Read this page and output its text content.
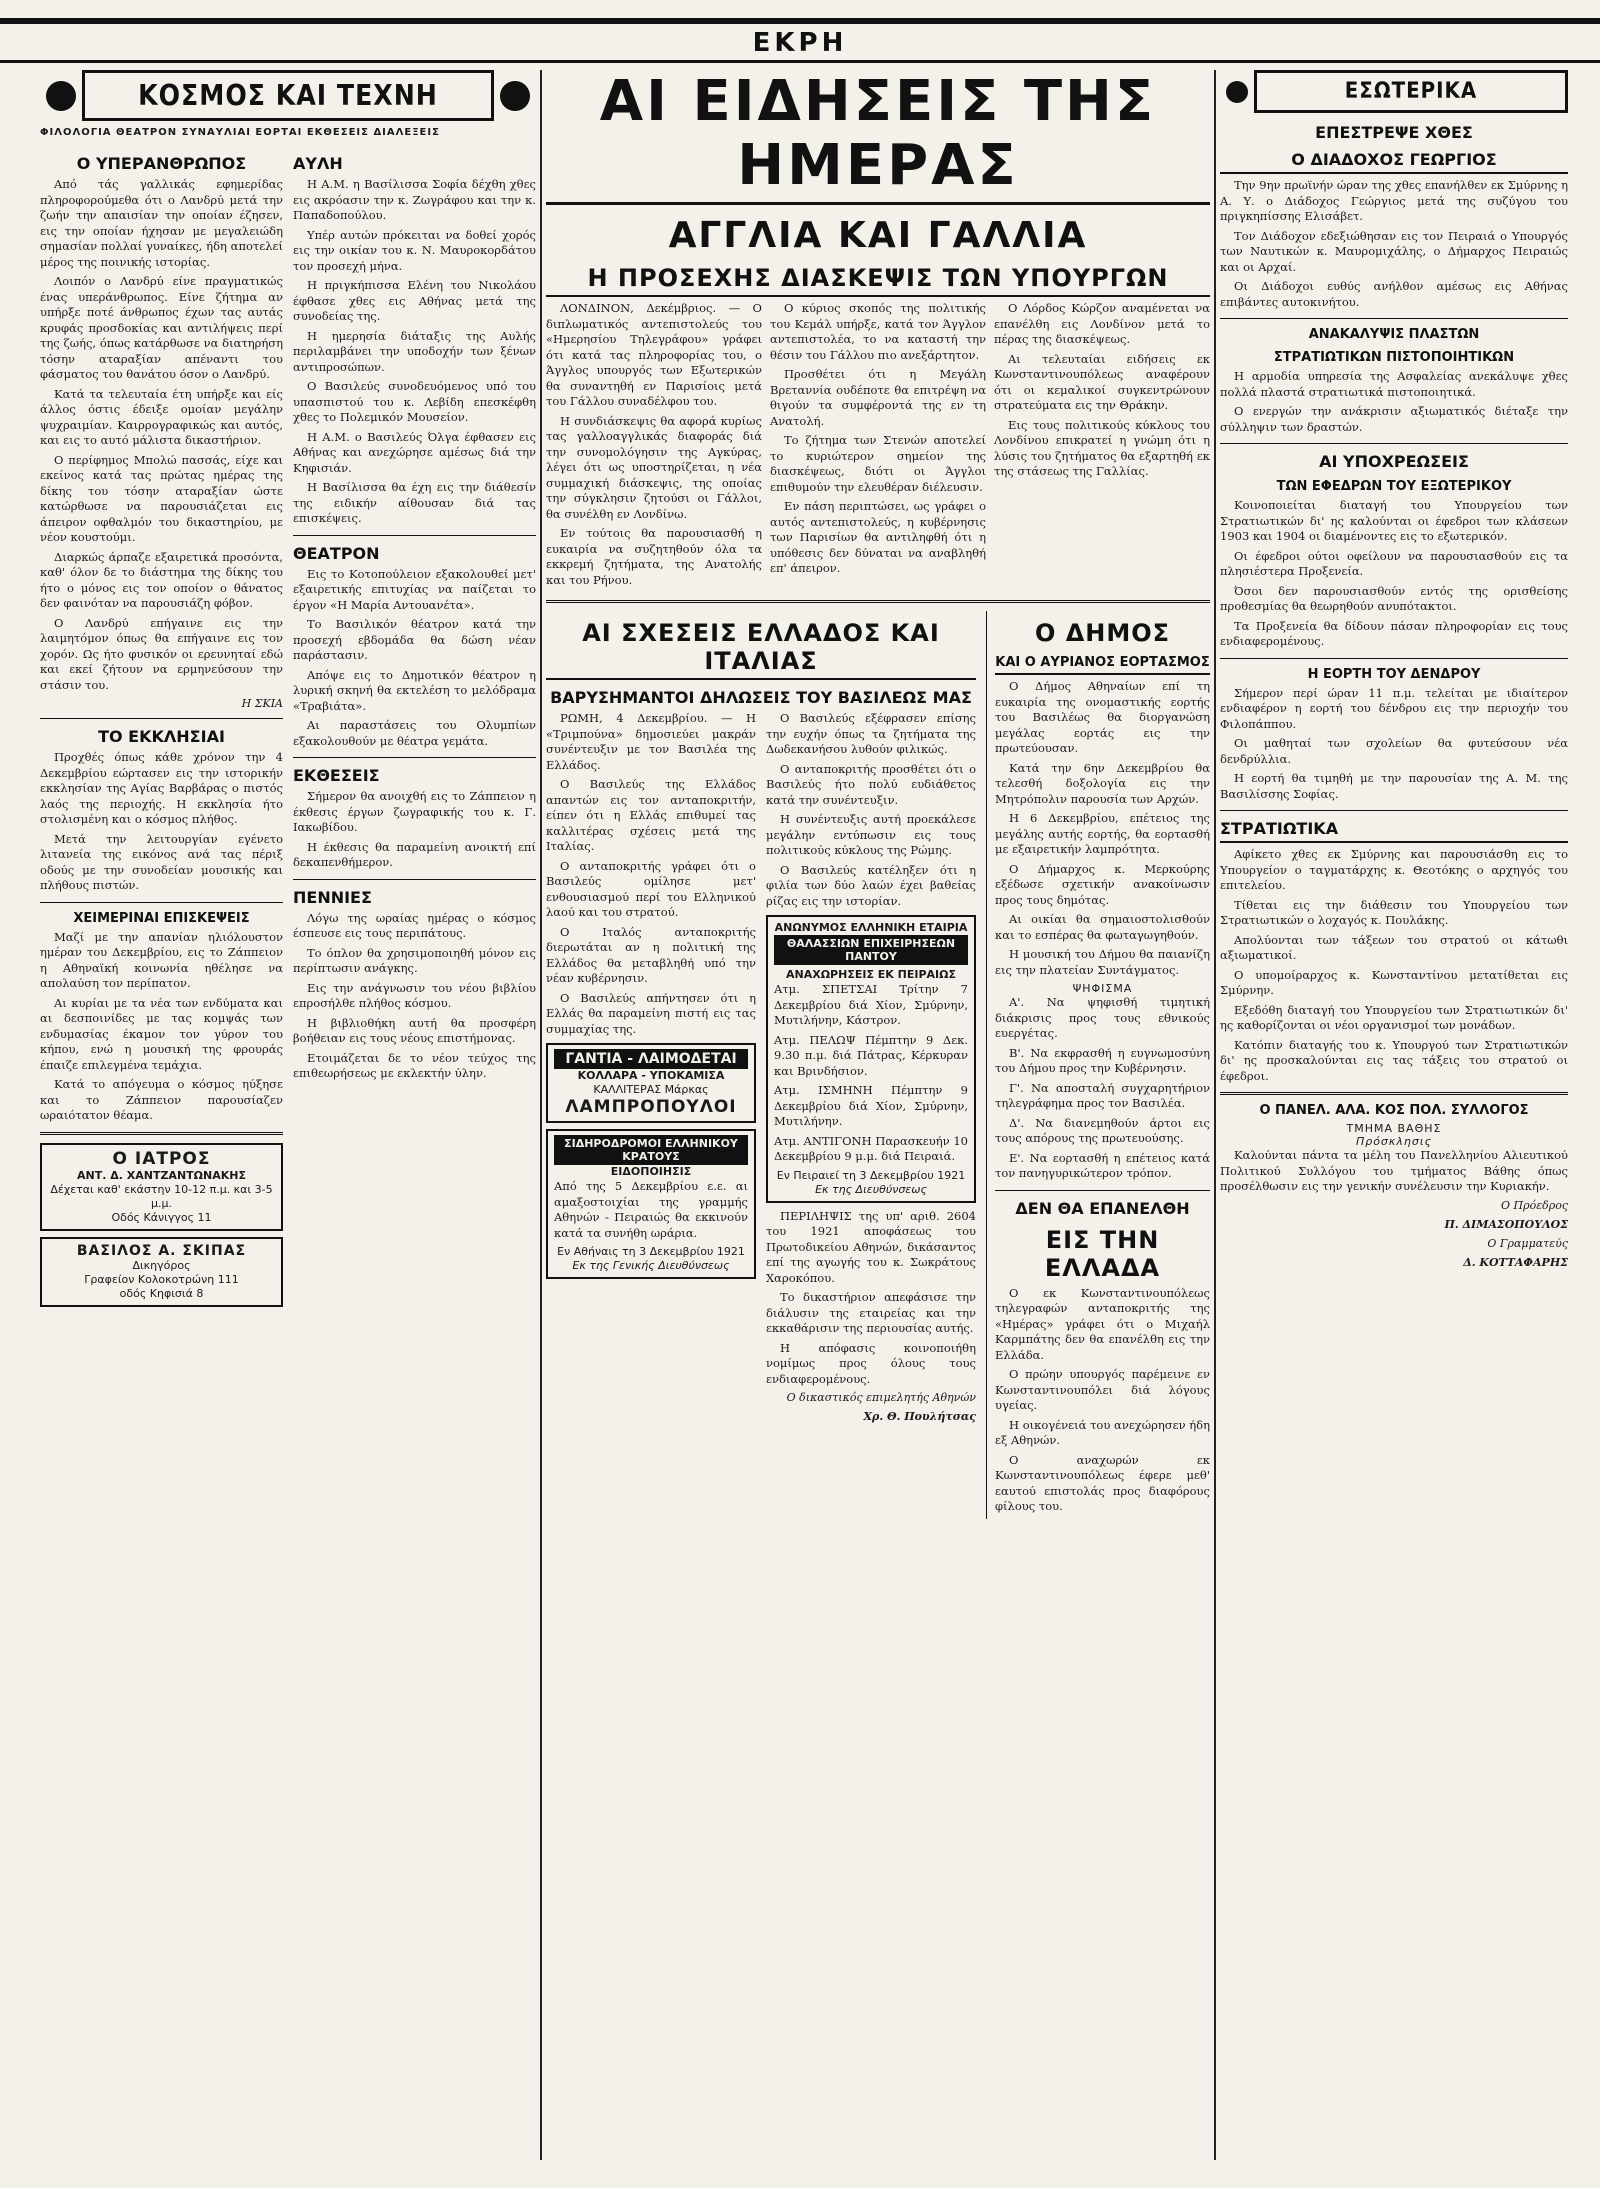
ΕΚΡΗ
ΚΟΣΜΟΣ ΚΑΙ ΤΕΧΝΗ
ΦΙΛΟΛΟΓΙΑ ΘΕΑΤΡΟΝ ΣΥΝΑΥΛΙΑΙ ΕΟΡΤΑΙ ΕΚΘΕΣΕΙΣ ΔΙΑΛΕΞΕΙΣ
Ο ΥΠΕΡΑΝΘΡΩΠΟΣ

Από τάς γαλλικάς εφημερίδας πληροφορούμεθα ότι ο Λανδρύ μετά την ζωήν την απαισίαν την οποίαν έζησεν, εις την οποίαν ήχησαν με μεγαλειώδη σημασίαν πολλαί γυναίκες, ήδη αποτελεί μέρος της ποινικής ιστορίας.

Λοιπόν ο Λανδρύ είνε πραγματικώς ένας υπεράνθρωπος. Είνε ζήτημα αν υπήρξε ποτέ άνθρωπος έχων τας αυτάς κρυφάς προσδοκίας και αντιλήψεις περί της ζωής, όπως κατάρθωσε να διατηρήση τόσην αταραξίαν απέναντι του φάσματος του θανάτου όσον ο Λανδρύ.

Κατά τα τελευταία έτη υπήρξε και είς άλλος όστις έδειξε ομοίαν μεγάλην ψυχραιμίαν. Καιρρογραφικώς και αυτός, και εις το αυτό μάλιστα δικαστήριον.

Ο περίφημος Μπολώ πασσάς, είχε και εκείνος κατά τας πρώτας ημέρας της δίκης του τόσην αταραξίαν ώστε κατώρθωσε να παρουσιάζεται εις άπειρον οφθαλμόν του δικαστηρίου, με νέον κουστούμι.

Διαρκώς άρπαζε εξαιρετικά προσόντα, καθ' όλον δε το διάστημα της δίκης του ήτο ο μόνος εις τον οποίον ο θάνατος δεν φαινόταν να παρουσιάζη φόβον.

Ο Λανδρύ επήγαινε εις την λαιμητόμον όπως θα επήγαινε εις τον χορόν. Ως ήτο φυσικόν οι ερευνηταί εδώ και εκεί ζήτουν να ερμηνεύσουν την στάσιν του.

Η ΣΚΙΑ
ΤΟ ΕΚΚΛΗΣΙΑΙ

Προχθές όπως κάθε χρόνον την 4 Δεκεμβρίου εώρτασεν εις την ιστορικήν εκκλησίαν της Αγίας Βαρβάρας ο πιστός λαός της περιοχής. Η εκκλησία ήτο στολισμένη και ο κόσμος πλήθος.

Μετά την λειτουργίαν εγένετο λιτανεία της εικόνος ανά τας πέριξ οδούς με την συνοδείαν μουσικής και πλήθους πιστών.

ΧΕΙΜΕΡΙΝΑΙ ΕΠΙΣΚΕΨΕΙΣ

Μαζί με την απανίαν ηλιόλουστον ημέραν του Δεκεμβρίου, εις το Ζάππειον η Αθηναϊκή κοινωνία ηθέλησε να απολαύση τον περίπατον.

Αι κυρίαι με τα νέα των ενδύματα και αι δεσποινίδες με τας κομψάς των ενδυμασίας έκαμον τον γύρον του κήπου, ενώ η μουσική της φρουράς έπαιζε επιλεγμένα τεμάχια.

Κατά το απόγευμα ο κόσμος ηύξησε και το Ζάππειον παρουσίαζεν ωραιότατον θέαμα.

Ο ΙΑΤΡΟΣ
ΑΝΤ. Δ. ΧΑΝΤΖΑΝΤΩΝΑΚΗΣ
Δέχεται καθ' εκάστην 10-12 π.μ. και 3-5 μ.μ.
Οδός Κάνιγγος 11
ΒΑΣΙΛΟΣ Α. ΣΚΙΠΑΣ
Δικηγόρος
Γραφείον Κολοκοτρώνη 111
οδός Κηφισιά 8
ΑΥΛΗ

Η Α.Μ. η Βασίλισσα Σοφία δέχθη χθες εις ακρόασιν την κ. Ζωγράφου και την κ. Παπαδοπούλου.

Υπέρ αυτών πρόκειται να δοθεί χορός εις την οικίαν του κ. Ν. Μαυροκορδάτου τον προσεχή μήνα.

Η πριγκήπισσα Ελένη του Νικολάου έφθασε χθες εις Αθήνας μετά της συνοδείας της.

Η ημερησία διάταξις της Αυλής περιλαμβάνει την υποδοχήν των ξένων αντιπροσώπων.

Ο Βασιλεύς συνοδευόμενος υπό του υπασπιστού του κ. Λεβίδη επεσκέφθη χθες το Πολεμικόν Μουσείον.

Η Α.Μ. ο Βασιλεύς Όλγα έφθασεν εις Αθήνας και ανεχώρησε αμέσως διά την Κηφισιάν.

Η Βασίλισσα θα έχη εις την διάθεσίν της ειδικήν αίθουσαν διά τας επισκέψεις.

ΘΕΑΤΡΟΝ

Εις το Κοτοπούλειον εξακολουθεί μετ' εξαιρετικής επιτυχίας να παίζεται το έργον «Η Μαρία Αντουανέτα».

Το Βασιλικόν θέατρον κατά την προσεχή εβδομάδα θα δώση νέαν παράστασιν.

Απόψε εις το Δημοτικόν θέατρον η λυρική σκηνή θα εκτελέση το μελόδραμα «Τραβιάτα».

Αι παραστάσεις του Ολυμπίων εξακολουθούν με θέατρα γεμάτα.

ΕΚΘΕΣΕΙΣ

Σήμερον θα ανοιχθή εις το Ζάππειον η έκθεσις έργων ζωγραφικής του κ. Γ. Ιακωβίδου.

Η έκθεσις θα παραμείνη ανοικτή επί δεκαπενθήμερον.

ΠΕΝΝΙΕΣ

Λόγω της ωραίας ημέρας ο κόσμος έσπευσε εις τους περιπάτους.

Το όπλον θα χρησιμοποιηθή μόνον εις περίπτωσιν ανάγκης.

Εις την ανάγνωσιν του νέου βιβλίου επροσήλθε πλήθος κόσμου.

Η βιβλιοθήκη αυτή θα προσφέρη βοήθειαν εις τους νέους επιστήμονας.

Ετοιμάζεται δε το νέον τεύχος της επιθεωρήσεως με εκλεκτήν ύλην.

ΑΙ ΕΙΔΗΣΕΙΣ ΤΗΣ ΗΜΕΡΑΣ
ΑΓΓΛΙΑ ΚΑΙ ΓΑΛΛΙΑ
Η ΠΡΟΣΕΧΗΣ ΔΙΑΣΚΕΨΙΣ ΤΩΝ ΥΠΟΥΡΓΩΝ

ΛΟΝΔΙΝΟΝ, Δεκέμβριος. — Ο διπλωματικός αντεπιστολεύς του «Ημερησίου Τηλεγράφου» γράφει ότι κατά τας πληροφορίας του, ο Άγγλος υπουργός των Εξωτερικών θα συναντηθή εν Παρισίοις μετά του Γάλλου συναδέλφου του.

Η συνδιάσκεψις θα αφορά κυρίως τας γαλλοαγγλικάς διαφοράς διά την συνομολόγησιν της Αγκύρας, λέγει ότι ως υποστηρίζεται, η νέα συμμαχική διάσκεψις, της οποίας την σύγκλησιν ζητούσι οι Γάλλοι, θα συνέλθη εν Λονδίνω.

Εν τούτοις θα παρουσιασθή η ευκαιρία να συζητηθούν όλα τα εκκρεμή ζητήματα, της Ανατολής και του Ρήνου.

Ο κύριος σκοπός της πολιτικής του Κεμάλ υπήρξε, κατά τον Άγγλον αντεπιστολέα, το να καταστή την θέσιν του Γάλλου πιο ανεξάρτητον.

Προσθέτει ότι η Μεγάλη Βρεταννία ουδέποτε θα επιτρέψη να θιγούν τα συμφέροντά της εν τη Ανατολή.

Το ζήτημα των Στενών αποτελεί το κυριώτερον σημείον της διασκέψεως, διότι οι Άγγλοι επιθυμούν την ελευθέραν διέλευσιν.

Εν πάση περιπτώσει, ως γράφει ο αυτός αντεπιστολεύς, η κυβέρνησις των Παρισίων θα αντιληφθή ότι η υπόθεσις δεν δύναται να αναβληθή επ' άπειρον.

Ο Λόρδος Κώρζον αναμένεται να επανέλθη εις Λονδίνον μετά το πέρας της διασκέψεως.

Αι τελευταίαι ειδήσεις εκ Κωνσταντινουπόλεως αναφέρουν ότι οι κεμαλικοί συγκεντρώνουν στρατεύματα εις την Θράκην.

Εις τους πολιτικούς κύκλους του Λονδίνου επικρατεί η γνώμη ότι η λύσις του ζητήματος θα εξαρτηθή εκ της στάσεως της Γαλλίας.

ΑΙ ΣΧΕΣΕΙΣ ΕΛΛΑΔΟΣ ΚΑΙ ΙΤΑΛΙΑΣ
ΒΑΡΥΣΗΜΑΝΤΟΙ ΔΗΛΩΣΕΙΣ ΤΟΥ ΒΑΣΙΛΕΩΣ ΜΑΣ

ΡΩΜΗ, 4 Δεκεμβρίου. — Η «Τριμπούνα» δημοσιεύει μακράν συνέντευξιν με τον Βασιλέα της Ελλάδος.

Ο Βασιλεύς της Ελλάδος απαντών εις τον ανταποκριτήν, είπεν ότι η Ελλάς επιθυμεί τας καλλιτέρας σχέσεις μετά της Ιταλίας.

Ο ανταποκριτής γράφει ότι ο Βασιλεύς ομίλησε μετ' ενθουσιασμού περί του Ελληνικού λαού και του στρατού.

Ο Ιταλός ανταποκριτής διερωτάται αν η πολιτική της Ελλάδος θα μεταβληθή υπό την νέαν κυβέρνησιν.

Ο Βασιλεύς απήντησεν ότι η Ελλάς θα παραμείνη πιστή εις τας συμμαχίας της.

ΓΑΝΤΙΑ - ΛΑΙΜΟΔΕΤΑΙ
ΚΟΛΛΑΡΑ - ΥΠΟΚΑΜΙΣΑ
ΚΑΛΛΙΤΕΡΑΣ Μάρκας
ΛΑΜΠΡΟΠΟΥΛΟΙ
ΣΙΔΗΡΟΔΡΟΜΟΙ ΕΛΛΗΝΙΚΟΥ ΚΡΑΤΟΥΣ
ΕΙΔΟΠΟΙΗΣΙΣ

Από της 5 Δεκεμβρίου ε.ε. αι αμαξοστοιχίαι της γραμμής Αθηνών - Πειραιώς θα εκκινούν κατά τα συνήθη ωράρια.

Εν Αθήναις τη 3 Δεκεμβρίου 1921
Εκ της Γενικής Διευθύνσεως

Ο Βασιλεύς εξέφρασεν επίσης την ευχήν όπως τα ζητήματα της Δωδεκανήσου λυθούν φιλικώς.

Ο ανταποκριτής προσθέτει ότι ο Βασιλεύς ήτο πολύ ευδιάθετος κατά την συνέντευξιν.

Η συνέντευξις αυτή προεκάλεσε μεγάλην εντύπωσιν εις τους πολιτικούς κύκλους της Ρώμης.

Ο Βασιλεύς κατέληξεν ότι η φιλία των δύο λαών έχει βαθείας ρίζας εις την ιστορίαν.

ΑΝΩΝΥΜΟΣ ΕΛΛΗΝΙΚΗ ΕΤΑΙΡΙΑ
ΘΑΛΑΣΣΙΩΝ ΕΠΙΧΕΙΡΗΣΕΩΝ ΠΑΝΤΟΥ
ΑΝΑΧΩΡΗΣΕΙΣ ΕΚ ΠΕΙΡΑΙΩΣ

Ατμ. ΣΠΕΤΣΑΙ Τρίτην 7 Δεκεμβρίου διά Χίον, Σμύρνην, Μυτιλήνην, Κάστρον.

Ατμ. ΠΕΛΩΨ Πέμπτην 9 Δεκ. 9.30 π.μ. διά Πάτρας, Κέρκυραν και Βρινδήσιον.

Ατμ. ΙΣΜΗΝΗ Πέμπτην 9 Δεκεμβρίου διά Χίον, Σμύρνην, Μυτιλήνην.

Ατμ. ΑΝΤΙΓΟΝΗ Παρασκευήν 10 Δεκεμβρίου 9 μ.μ. διά Πειραιά.

Εν Πειραιεί τη 3 Δεκεμβρίου 1921
Εκ της Διευθύνσεως

ΠΕΡΙΛΗΨΙΣ της υπ' αριθ. 2604 του 1921 αποφάσεως του Πρωτοδικείου Αθηνών, δικάσαντος επί της αγωγής του κ. Σωκράτους Χαροκόπου.

Το δικαστήριον απεφάσισε την διάλυσιν της εταιρείας και την εκκαθάρισιν της περιουσίας αυτής.

Η απόφασις κοινοποιήθη νομίμως προς όλους τους ενδιαφερομένους.

Ο δικαστικός επιμελητής Αθηνών
Χρ. Θ. Πουλήτσας
Ο ΔΗΜΟΣ
ΚΑΙ Ο ΑΥΡΙΑΝΟΣ ΕΟΡΤΑΣΜΟΣ

Ο Δήμος Αθηναίων επί τη ευκαιρία της ονομαστικής εορτής του Βασιλέως θα διοργανώση μεγάλας εορτάς εις την πρωτεύουσαν.

Κατά την 6ην Δεκεμβρίου θα τελεσθή δοξολογία εις την Μητρόπολιν παρουσία των Αρχών.

Η 6 Δεκεμβρίου, επέτειος της μεγάλης αυτής εορτής, θα εορτασθή με εξαιρετικήν λαμπρότητα.

Ο Δήμαρχος κ. Μερκούρης εξέδωσε σχετικήν ανακοίνωσιν προς τους δημότας.

Αι οικίαι θα σημαιοστολισθούν και το εσπέρας θα φωταγωγηθούν.

Η μουσική του Δήμου θα παιανίζη εις την πλατείαν Συντάγματος.

ΨΗΦΙΣΜΑ

Α'. Να ψηφισθή τιμητική διάκρισις προς τους εθνικούς ευεργέτας.

Β'. Να εκφρασθή η ευγνωμοσύνη του Δήμου προς την Κυβέρνησιν.

Γ'. Να αποσταλή συγχαρητήριον τηλεγράφημα προς τον Βασιλέα.

Δ'. Να διανεμηθούν άρτοι εις τους απόρους της πρωτευούσης.

Ε'. Να εορτασθή η επέτειος κατά τον πανηγυρικώτερον τρόπον.

ΔΕΝ ΘΑ ΕΠΑΝΕΛΘΗ
ΕΙΣ ΤΗΝ ΕΛΛΑΔΑ

Ο εκ Κωνσταντινουπόλεως τηλεγραφών ανταποκριτής της «Ημέρας» γράφει ότι ο Μιχαήλ Καρμπάτης δεν θα επανέλθη εις την Ελλάδα.

Ο πρώην υπουργός παρέμεινε εν Κωνσταντινουπόλει διά λόγους υγείας.

Η οικογένειά του ανεχώρησεν ήδη εξ Αθηνών.

Ο αναχωρών εκ Κωνσταντινουπόλεως έφερε μεθ' εαυτού επιστολάς προς διαφόρους φίλους του.

ΕΣΩΤΕΡΙΚΑ
ΕΠΕΣΤΡΕΨΕ ΧΘΕΣ
Ο ΔΙΑΔΟΧΟΣ ΓΕΩΡΓΙΟΣ

Την 9ην πρωϊνήν ώραν της χθες επανήλθεν εκ Σμύρνης η Α. Υ. ο Διάδοχος Γεώργιος μετά της συζύγου του πριγκηπίσσης Ελισάβετ.

Τον Διάδοχον εδεξιώθησαν εις τον Πειραιά ο Υπουργός των Ναυτικών κ. Μαυρομιχάλης, ο Δήμαρχος Πειραιώς και οι Αρχαί.

Οι Διάδοχοι ευθύς ανήλθον αμέσως εις Αθήνας επιβάντες αυτοκινήτου.

ΑΝΑΚΑΛΥΨΙΣ ΠΛΑΣΤΩΝ
ΣΤΡΑΤΙΩΤΙΚΩΝ ΠΙΣΤΟΠΟΙΗΤΙΚΩΝ

Η αρμοδία υπηρεσία της Ασφαλείας ανεκάλυψε χθες πολλά πλαστά στρατιωτικά πιστοποιητικά.

Ο ενεργών την ανάκρισιν αξιωματικός διέταξε την σύλληψιν των δραστών.

ΑΙ ΥΠΟΧΡΕΩΣΕΙΣ
ΤΩΝ ΕΦΕΔΡΩΝ ΤΟΥ ΕΞΩΤΕΡΙΚΟΥ

Κοινοποιείται διαταγή του Υπουργείου των Στρατιωτικών δι' ης καλούνται οι έφεδροι των κλάσεων 1903 και 1904 οι διαμένοντες εις το εξωτερικόν.

Οι έφεδροι ούτοι οφείλουν να παρουσιασθούν εις τα πλησιέστερα Προξενεία.

Όσοι δεν παρουσιασθούν εντός της ορισθείσης προθεσμίας θα θεωρηθούν ανυπότακτοι.

Τα Προξενεία θα δίδουν πάσαν πληροφορίαν εις τους ενδιαφερομένους.

Η ΕΟΡΤΗ ΤΟΥ ΔΕΝΔΡΟΥ

Σήμερον περί ώραν 11 π.μ. τελείται με ιδιαίτερον ενδιαφέρον η εορτή του δένδρου εις την περιοχήν του Φιλοπάππου.

Οι μαθηταί των σχολείων θα φυτεύσουν νέα δενδρύλλια.

Η εορτή θα τιμηθή με την παρουσίαν της Α. Μ. της Βασιλίσσης Σοφίας.

ΣΤΡΑΤΙΩΤΙΚΑ

Αφίκετο χθες εκ Σμύρνης και παρουσιάσθη εις το Υπουργείον ο ταγματάρχης κ. Θεοτόκης ο αρχηγός του επιτελείου.

Τίθεται εις την διάθεσιν του Υπουργείου των Στρατιωτικών ο λοχαγός κ. Πουλάκης.

Απολύονται των τάξεων του στρατού οι κάτωθι αξιωματικοί.

Ο υπομοίραρχος κ. Κωνσταντίνου μετατίθεται εις Σμύρνην.

Εξεδόθη διαταγή του Υπουργείου των Στρατιωτικών δι' ης καθορίζονται οι νέοι οργανισμοί των μονάδων.

Κατόπιν διαταγής του κ. Υπουργού των Στρατιωτικών δι' ης προσκαλούνται εις τας τάξεις του στρατού οι έφεδροι.

Ο ΠΑΝΕΛ. ΑΛΑ. ΚΟΣ ΠΟΛ. ΣΥΛΛΟΓΟΣ
ΤΜΗΜΑ ΒΑΘΗΣ
Πρόσκλησις

Καλούνται πάντα τα μέλη του Πανελληνίου Αλιευτικού Πολιτικού Συλλόγου του τμήματος Βάθης όπως προσέλθωσιν εις την γενικήν συνέλευσιν την Κυριακήν.

Ο Πρόεδρος
Π. ΔΙΜΑΣΟΠΟΥΛΟΣ
Ο Γραμματεύς
Δ. ΚΟΤΤΑΦΑΡΗΣ
